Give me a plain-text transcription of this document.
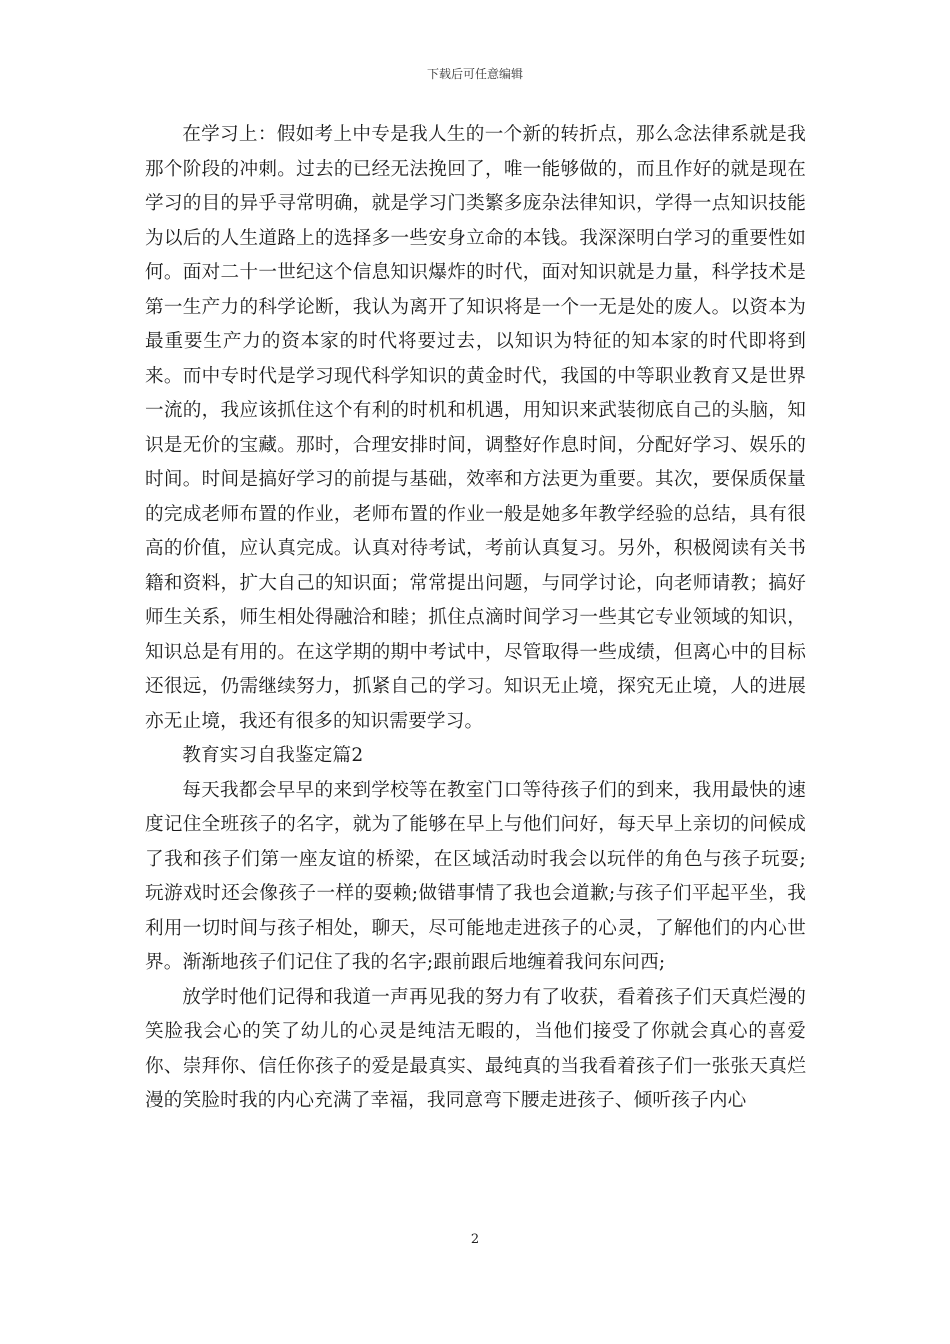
下载后可任意编辑

在学习上：假如考上中专是我人生的一个新的转折点，那么念法律系就是我那个阶段的冲刺。过去的已经无法挽回了，唯一能够做的，而且作好的就是现在学习的目的异乎寻常明确，就是学习门类繁多庞杂法律知识，学得一点知识技能为以后的人生道路上的选择多一些安身立命的本钱。我深深明白学习的重要性如何。面对二十一世纪这个信息知识爆炸的时代，面对知识就是力量，科学技术是第一生产力的科学论断，我认为离开了知识将是一个一无是处的废人。以资本为最重要生产力的资本家的时代将要过去，以知识为特征的知本家的时代即将到来。而中专时代是学习现代科学知识的黄金时代，我国的中等职业教育又是世界一流的，我应该抓住这个有利的时机和机遇，用知识来武装彻底自己的头脑，知识是无价的宝藏。那时，合理安排时间，调整好作息时间，分配好学习、娱乐的时间。时间是搞好学习的前提与基础，效率和方法更为重要。其次，要保质保量的完成老师布置的作业，老师布置的作业一般是她多年教学经验的总结，具有很高的价值，应认真完成。认真对待考试，考前认真复习。另外，积极阅读有关书籍和资料，扩大自己的知识面；常常提出问题，与同学讨论，向老师请教；搞好师生关系，师生相处得融洽和睦；抓住点滴时间学习一些其它专业领域的知识，知识总是有用的。在这学期的期中考试中，尽管取得一些成绩，但离心中的目标还很远，仍需继续努力，抓紧自己的学习。知识无止境，探究无止境，人的进展亦无止境，我还有很多的知识需要学习。

教育实习自我鉴定篇2

每天我都会早早的来到学校等在教室门口等待孩子们的到来，我用最快的速度记住全班孩子的名字，就为了能够在早上与他们问好，每天早上亲切的问候成了我和孩子们第一座友谊的桥梁，在区域活动时我会以玩伴的角色与孩子玩耍;玩游戏时还会像孩子一样的耍赖;做错事情了我也会道歉;与孩子们平起平坐，我利用一切时间与孩子相处，聊天，尽可能地走进孩子的心灵，了解他们的内心世界。渐渐地孩子们记住了我的名字;跟前跟后地缠着我问东问西;

放学时他们记得和我道一声再见我的努力有了收获，看着孩子们天真烂漫的笑脸我会心的笑了幼儿的心灵是纯洁无暇的，当他们接受了你就会真心的喜爱你、崇拜你、信任你孩子的爱是最真实、最纯真的当我看着孩子们一张张天真烂漫的笑脸时我的内心充满了幸福，我同意弯下腰走进孩子、倾听孩子内心

2
